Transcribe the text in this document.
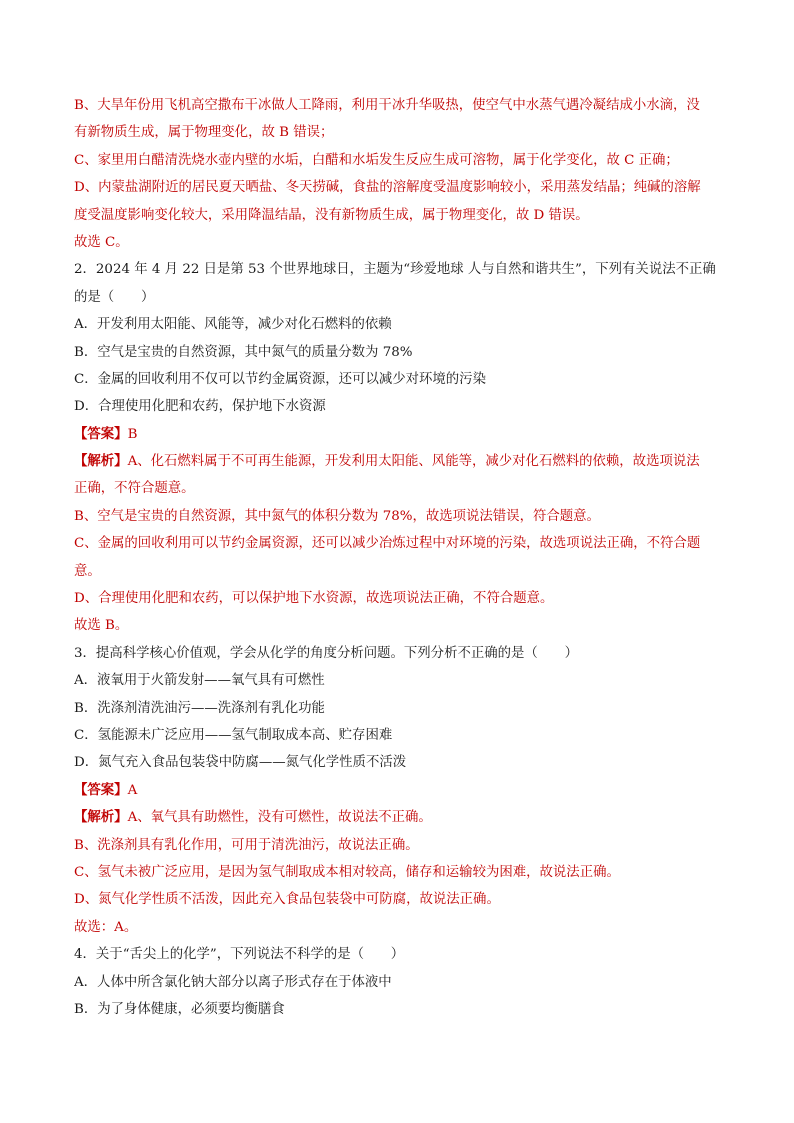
B、大旱年份用飞机高空撒布干冰做人工降雨，利用干冰升华吸热，使空气中水蒸气遇冷凝结成小水滴，没
有新物质生成，属于物理变化，故 B 错误；
C、家里用白醋清洗烧水壶内壁的水垢，白醋和水垢发生反应生成可溶物，属于化学变化，故 C 正确；
D、内蒙盐湖附近的居民夏天晒盐、冬天捞碱，食盐的溶解度受温度影响较小，采用蒸发结晶；纯碱的溶解
度受温度影响变化较大，采用降温结晶，没有新物质生成，属于物理变化，故 D 错误。
故选 C。
2．2024 年 4 月 22 日是第 53 个世界地球日，主题为“珍爱地球 人与自然和谐共生”，下列有关说法不正确
的是（　　）
A．开发利用太阳能、风能等，减少对化石燃料的依赖
B．空气是宝贵的自然资源，其中氮气的质量分数为 78%
C．金属的回收利用不仅可以节约金属资源，还可以减少对环境的污染
D．合理使用化肥和农药，保护地下水资源
【答案】B
【解析】A、化石燃料属于不可再生能源，开发利用太阳能、风能等，减少对化石燃料的依赖，故选项说法
正确，不符合题意。
B、空气是宝贵的自然资源，其中氮气的体积分数为 78%，故选项说法错误，符合题意。
C、金属的回收利用可以节约金属资源，还可以减少冶炼过程中对环境的污染，故选项说法正确，不符合题
意。
D、合理使用化肥和农药，可以保护地下水资源，故选项说法正确，不符合题意。
故选 B。
3．提高科学核心价值观，学会从化学的角度分析问题。下列分析不正确的是（　　）
A．液氧用于火箭发射——氧气具有可燃性
B．洗涤剂清洗油污——洗涤剂有乳化功能
C．氢能源未广泛应用——氢气制取成本高、贮存困难
D．氮气充入食品包装袋中防腐——氮气化学性质不活泼
【答案】A
【解析】A、氧气具有助燃性，没有可燃性，故说法不正确。
B、洗涤剂具有乳化作用，可用于清洗油污，故说法正确。
C、氢气未被广泛应用，是因为氢气制取成本相对较高，储存和运输较为困难，故说法正确。
D、氮气化学性质不活泼，因此充入食品包装袋中可防腐，故说法正确。
故选：A。
4．关于“舌尖上的化学”，下列说法不科学的是（　　）
A．人体中所含氯化钠大部分以离子形式存在于体液中
B．为了身体健康，必须要均衡膳食
